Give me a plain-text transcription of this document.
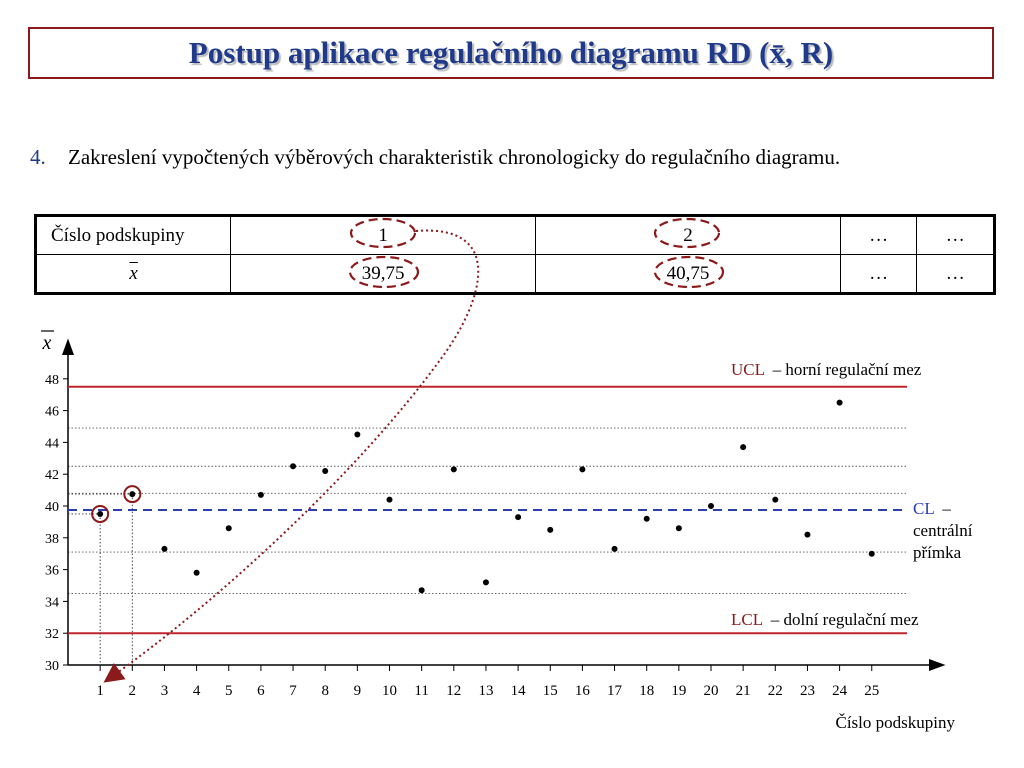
Postup aplikace regulačního diagramu RD (x̄, R)
4. Zakreslení vypočtených výběrových charakteristik chronologicky do regulačního diagramu.
Číslo podskupiny	1	2	…	…
$\overline{x}$	39,75	40,75	…	…
30
32
34
36
38
40
42
44
46
48
1 2 3 4 5 6 7 8 9 10 11 12 13 14 15 16 17 18 19 20 21 22 23 24 25
x
Číslo podskupiny
UCL – horní regulační mez
LCL – dolní regulační mez
CL –
centrální
přímka
